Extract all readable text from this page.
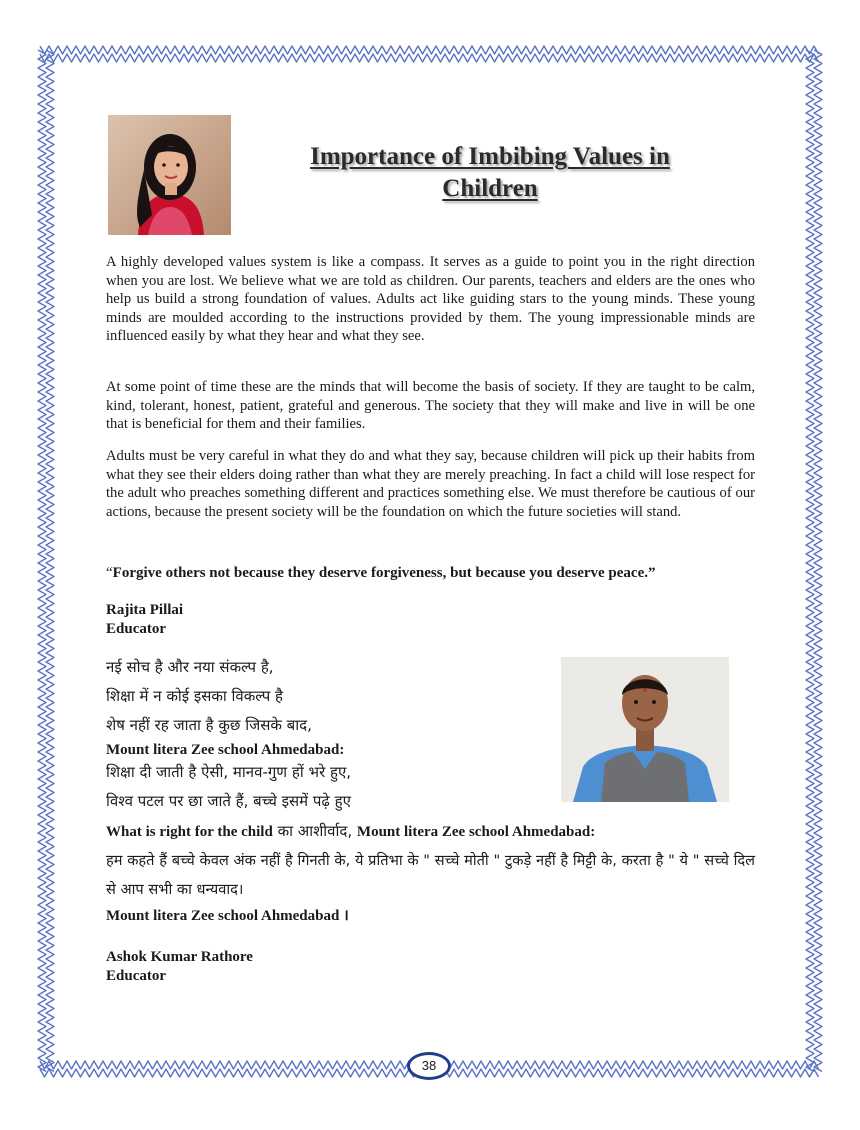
Importance of Imbibing Values in
Children

A highly developed values system is like a compass. It serves as a guide to point you in the right direction when you are lost. We believe what we are told as children. Our parents, teachers and elders are the ones who help us build a strong foundation of values. Adults act like guiding stars to the young minds. These young minds are moulded according to the instructions provided by them. The young impressionable minds are influenced easily by what they hear and what they see.

At some point of time these are the minds that will become the basis of society. If they are taught to be calm, kind, tolerant, honest, patient, grateful and generous. The society that they will make and live in will be one that is beneficial for them and their families.

Adults must be very careful in what they do and what they say, because children will pick up their habits from what they see their elders doing rather than what they are merely preaching. In fact a child will lose respect for the adult who preaches something different and practices something else. We must therefore be cautious of our actions, because the present society will be the foundation on which the future societies will stand.

“Forgive others not because they deserve forgiveness, but because you deserve peace.”

Rajita Pillai
Educator

नई सोच है और नया संकल्प है,

शिक्षा में न कोई इसका विकल्प है

शेष नहीं रह जाता है कुछ जिसके बाद,

Mount litera Zee school Ahmedabad:

शिक्षा दी जाती है ऐसी, मानव-गुण हों भरे हुए,

विश्व पटल पर छा जाते हैं, बच्चे इसमें पढ़े हुए

What is right for the child का आशीर्वाद, Mount litera Zee school Ahmedabad:

हम कहते हैं बच्चे केवल अंक नहीं है गिनती के, ये प्रतिभा के " सच्चे मोती " टुकड़े नहीं है मिट्टी के, करता है " ये " सच्चे दिल से आप सभी का धन्यवाद।

Mount litera Zee school Ahmedabad ।

Ashok Kumar Rathore
Educator
38
